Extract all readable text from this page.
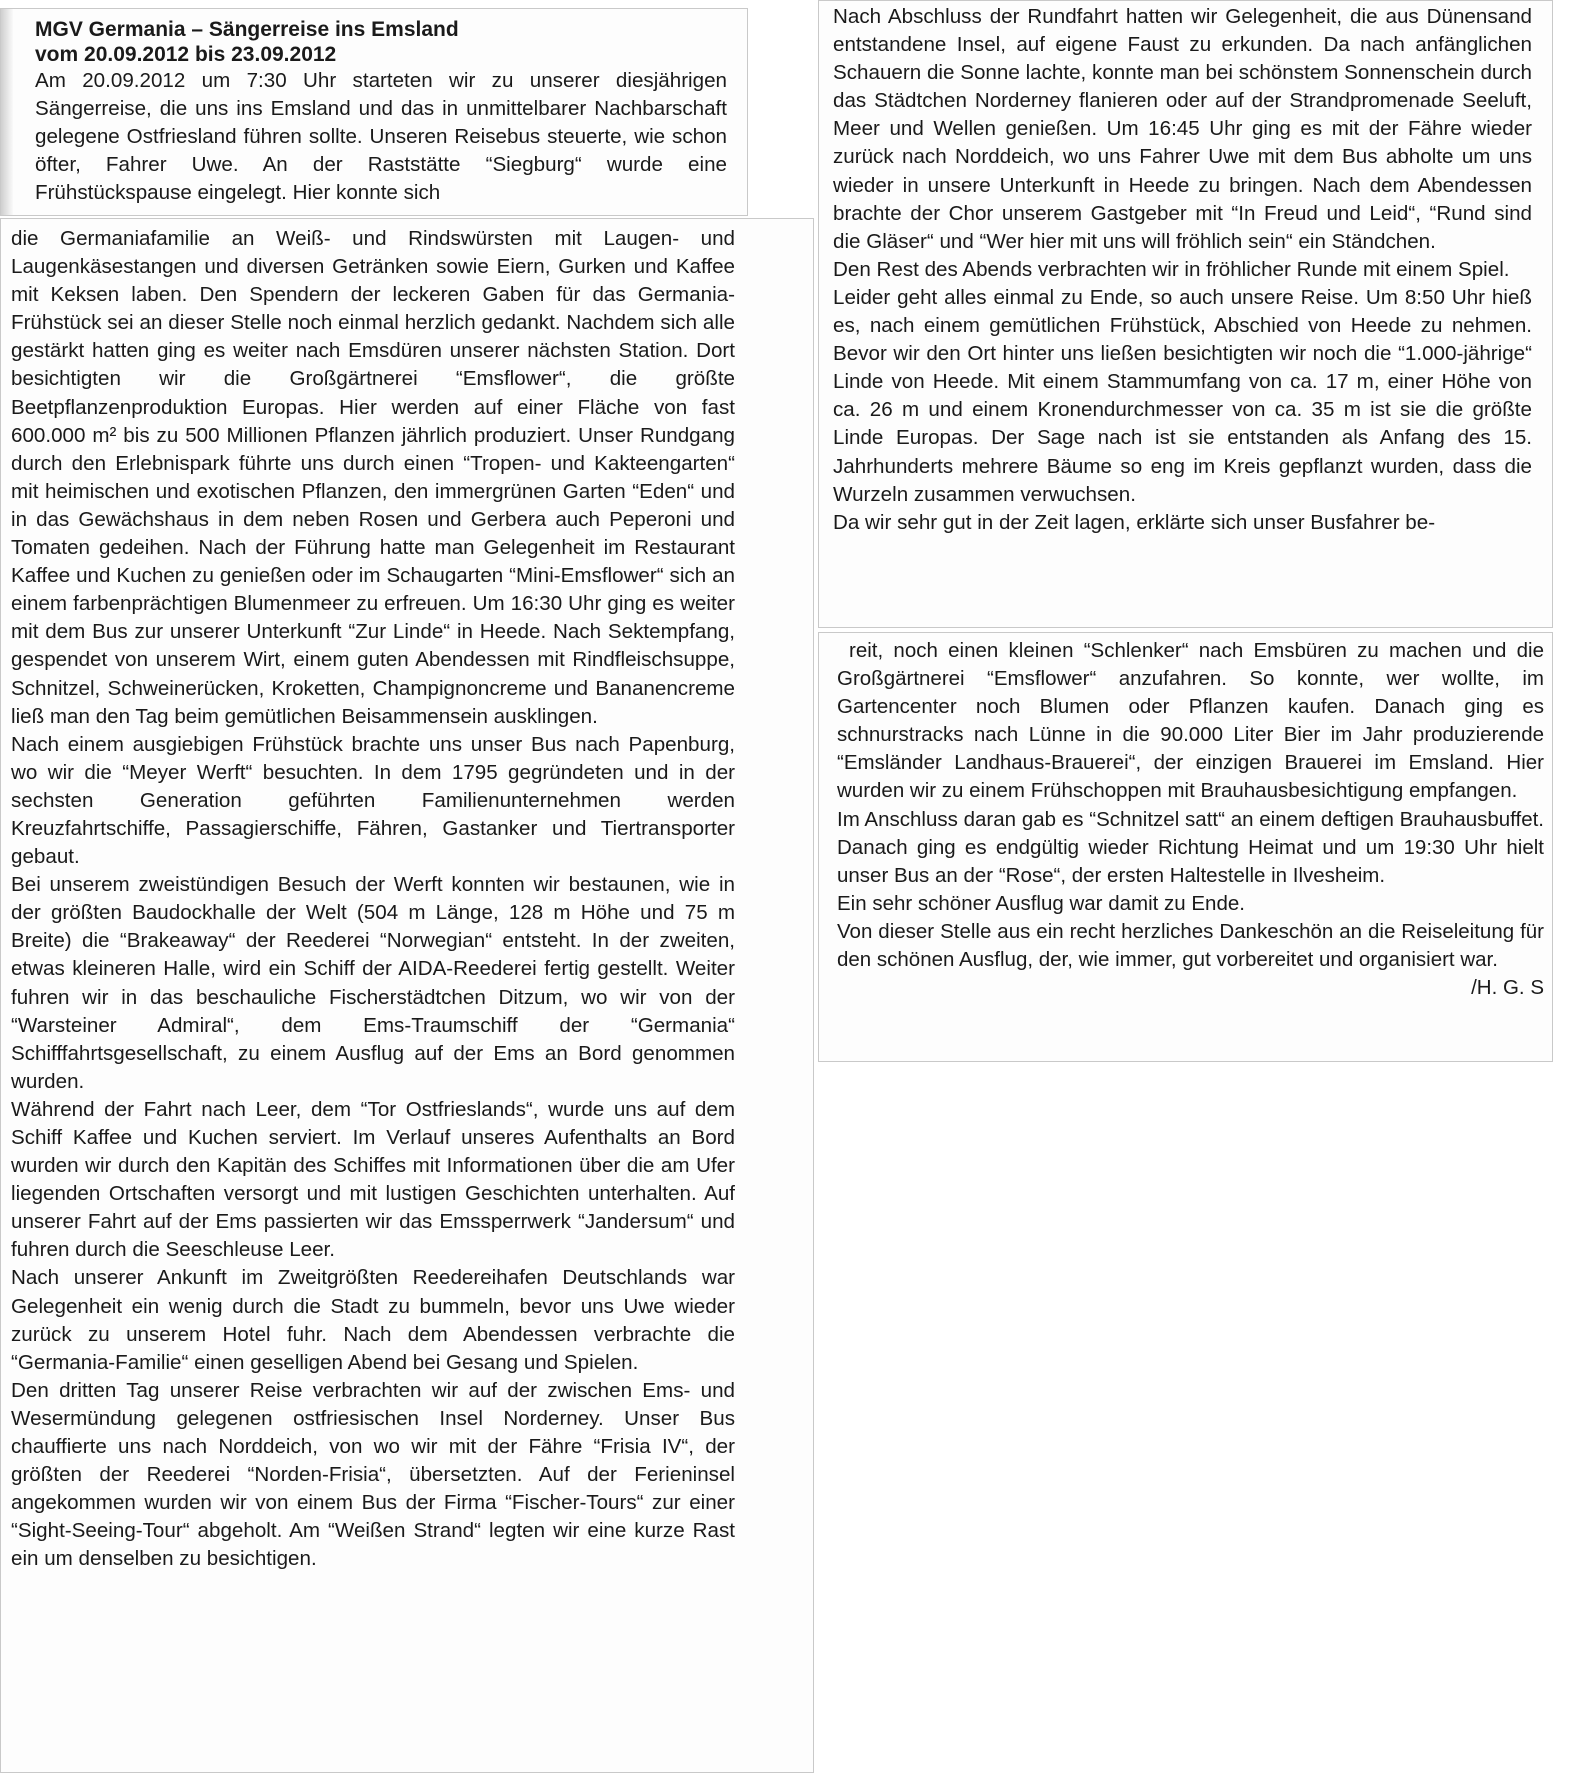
MGV Germania – Sängerreise ins Emsland

vom 20.09.2012 bis 23.09.2012

Am 20.09.2012 um 7:30 Uhr starteten wir zu unserer diesjährigen Sängerreise, die uns ins Emsland und das in unmittelbarer Nachbarschaft gelegene Ostfriesland führen sollte. Unseren Reisebus steuerte, wie schon öfter, Fahrer Uwe. An der Raststätte “Siegburg“ wurde eine Frühstückspause eingelegt. Hier konnte sich

die Germaniafamilie an Weiß- und Rindswürsten mit Laugen- und Laugenkäsestangen und diversen Getränken sowie Eiern, Gurken und Kaffee mit Keksen laben. Den Spendern der leckeren Gaben für das Germania-Frühstück sei an dieser Stelle noch einmal herzlich gedankt. Nachdem sich alle gestärkt hatten ging es weiter nach Emsdüren unserer nächsten Station. Dort besichtigten wir die Großgärtnerei “Emsflower“, die größte Beetpflanzenproduktion Europas. Hier werden auf einer Fläche von fast 600.000 m² bis zu 500 Millionen Pflanzen jährlich produziert. Unser Rundgang durch den Erlebnispark führte uns durch einen “Tropen- und Kakteengarten“ mit heimischen und exotischen Pflanzen, den immergrünen Garten “Eden“ und in das Gewächshaus in dem neben Rosen und Gerbera auch Peperoni und Tomaten gedeihen. Nach der Führung hatte man Gelegenheit im Restaurant Kaffee und Kuchen zu genießen oder im Schaugarten “Mini-Emsflower“ sich an einem farbenprächtigen Blumenmeer zu erfreuen. Um 16:30 Uhr ging es weiter mit dem Bus zur unserer Unterkunft “Zur Linde“ in Heede. Nach Sektempfang, gespendet von unserem Wirt, einem guten Abendessen mit Rindfleischsuppe, Schnitzel, Schweinerücken, Kroketten, Champignoncreme und Bananencreme ließ man den Tag beim gemütlichen Beisammensein ausklingen.

Nach einem ausgiebigen Frühstück brachte uns unser Bus nach Papenburg, wo wir die “Meyer Werft“ besuchten. In dem 1795 gegründeten und in der sechsten Generation geführten Familienunternehmen werden Kreuzfahrtschiffe, Passagierschiffe, Fähren, Gastanker und Tiertransporter gebaut.

Bei unserem zweistündigen Besuch der Werft konnten wir bestaunen, wie in der größten Baudockhalle der Welt (504 m Länge, 128 m Höhe und 75 m Breite) die “Brakeaway“ der Reederei “Norwegian“ entsteht. In der zweiten, etwas kleineren Halle, wird ein Schiff der AIDA-Reederei fertig gestellt. Weiter fuhren wir in das beschauliche Fischerstädtchen Ditzum, wo wir von der “Warsteiner Admiral“, dem Ems-Traumschiff der “Germania“ Schifffahrtsgesellschaft, zu einem Ausflug auf der Ems an Bord genommen wurden.

Während der Fahrt nach Leer, dem “Tor Ostfrieslands“, wurde uns auf dem Schiff Kaffee und Kuchen serviert. Im Verlauf unseres Aufenthalts an Bord wurden wir durch den Kapitän des Schiffes mit Informationen über die am Ufer liegenden Ortschaften versorgt und mit lustigen Geschichten unterhalten. Auf unserer Fahrt auf der Ems passierten wir das Emssperrwerk “Jandersum“ und fuhren durch die Seeschleuse Leer.

Nach unserer Ankunft im Zweitgrößten Reedereihafen Deutschlands war Gelegenheit ein wenig durch die Stadt zu bummeln, bevor uns Uwe wieder zurück zu unserem Hotel fuhr. Nach dem Abendessen verbrachte die “Germania-Familie“ einen geselligen Abend bei Gesang und Spielen.

Den dritten Tag unserer Reise verbrachten wir auf der zwischen Ems- und Wesermündung gelegenen ostfriesischen Insel Norderney. Unser Bus chauffierte uns nach Norddeich, von wo wir mit der Fähre “Frisia IV“, der größten der Reederei “Norden-Frisia“, übersetzten. Auf der Ferieninsel angekommen wurden wir von einem Bus der Firma “Fischer-Tours“ zur einer “Sight-Seeing-Tour“ abgeholt. Am “Weißen Strand“ legten wir eine kurze Rast ein um denselben zu besichtigen.

Nach Abschluss der Rundfahrt hatten wir Gelegenheit, die aus Dünensand entstandene Insel, auf eigene Faust zu erkunden. Da nach anfänglichen Schauern die Sonne lachte, konnte man bei schönstem Sonnenschein durch das Städtchen Norderney flanieren oder auf der Strandpromenade Seeluft, Meer und Wellen genießen. Um 16:45 Uhr ging es mit der Fähre wieder zurück nach Norddeich, wo uns Fahrer Uwe mit dem Bus abholte um uns wieder in unsere Unterkunft in Heede zu bringen. Nach dem Abendessen brachte der Chor unserem Gastgeber mit “In Freud und Leid“, “Rund sind die Gläser“ und “Wer hier mit uns will fröhlich sein“ ein Ständchen.

Den Rest des Abends verbrachten wir in fröhlicher Runde mit einem Spiel.

Leider geht alles einmal zu Ende, so auch unsere Reise. Um 8:50 Uhr hieß es, nach einem gemütlichen Frühstück, Abschied von Heede zu nehmen. Bevor wir den Ort hinter uns ließen besichtigten wir noch die “1.000-jährige“ Linde von Heede. Mit einem Stammumfang von ca. 17 m, einer Höhe von ca. 26 m und einem Kronendurchmesser von ca. 35 m ist sie die größte Linde Europas. Der Sage nach ist sie entstanden als Anfang des 15. Jahrhunderts mehrere Bäume so eng im Kreis gepflanzt wurden, dass die Wurzeln zusammen verwuchsen.

Da wir sehr gut in der Zeit lagen, erklärte sich unser Busfahrer be-

reit, noch einen kleinen “Schlenker“ nach Emsbüren zu machen und die Großgärtnerei “Emsflower“ anzufahren. So konnte, wer wollte, im Gartencenter noch Blumen oder Pflanzen kaufen. Danach ging es schnurstracks nach Lünne in die 90.000 Liter Bier im Jahr produzierende “Emsländer Landhaus-Brauerei“, der einzigen Brauerei im Emsland. Hier wurden wir zu einem Frühschoppen mit Brauhausbesichtigung empfangen.

Im Anschluss daran gab es “Schnitzel satt“ an einem deftigen Brauhausbuffet. Danach ging es endgültig wieder Richtung Heimat und um 19:30 Uhr hielt unser Bus an der “Rose“, der ersten Haltestelle in Ilvesheim.

Ein sehr schöner Ausflug war damit zu Ende.

Von dieser Stelle aus ein recht herzliches Dankeschön an die Reiseleitung für den schönen Ausflug, der, wie immer, gut vorbereitet und organisiert war.

/H. G. S
